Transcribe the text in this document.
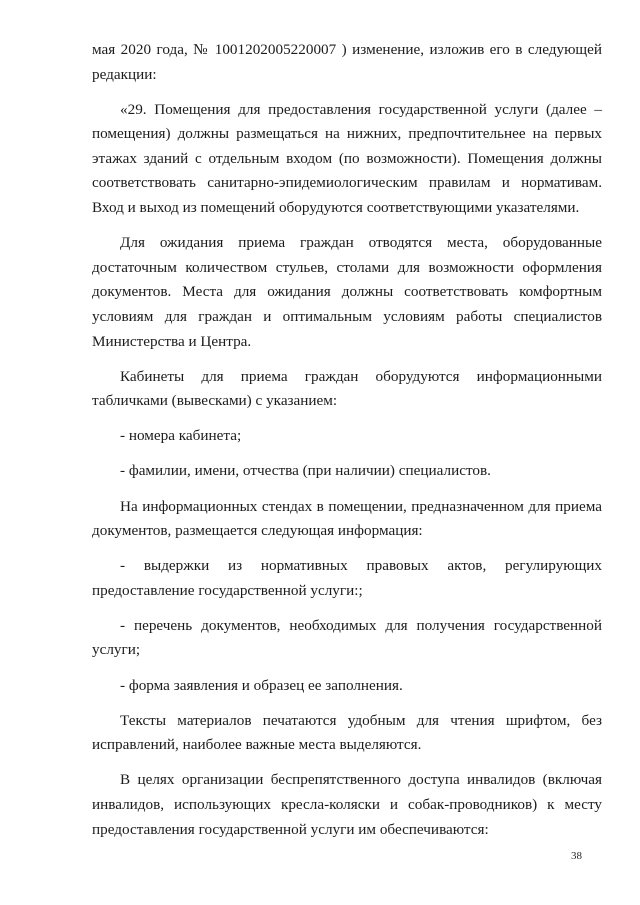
мая 2020 года, № 1001202005220007 ) изменение, изложив его в следующей редакции:

«29. Помещения для предоставления государственной услуги (далее – помещения) должны размещаться на нижних, предпочтительнее на первых этажах зданий с отдельным входом (по возможности). Помещения должны соответствовать санитарно-эпидемиологическим правилам и нормативам. Вход и выход из помещений оборудуются соответствующими указателями.

Для ожидания приема граждан отводятся места, оборудованные достаточным количеством стульев, столами для возможности оформления документов. Места для ожидания должны соответствовать комфортным условиям для граждан и оптимальным условиям работы специалистов Министерства и Центра.

Кабинеты для приема граждан оборудуются информационными табличками (вывесками) с указанием:

- номера кабинета;

- фамилии, имени, отчества (при наличии) специалистов.

На информационных стендах в помещении, предназначенном для приема документов, размещается следующая информация:

- выдержки из нормативных правовых актов, регулирующих предоставление государственной услуги:;

- перечень документов, необходимых для получения государственной услуги;

- форма заявления и образец ее заполнения.

Тексты материалов печатаются удобным для чтения шрифтом, без исправлений, наиболее важные места выделяются.

В целях организации беспрепятственного доступа инвалидов (включая инвалидов, использующих кресла-коляски и собак-проводников) к месту предоставления государственной услуги им обеспечиваются:

38
